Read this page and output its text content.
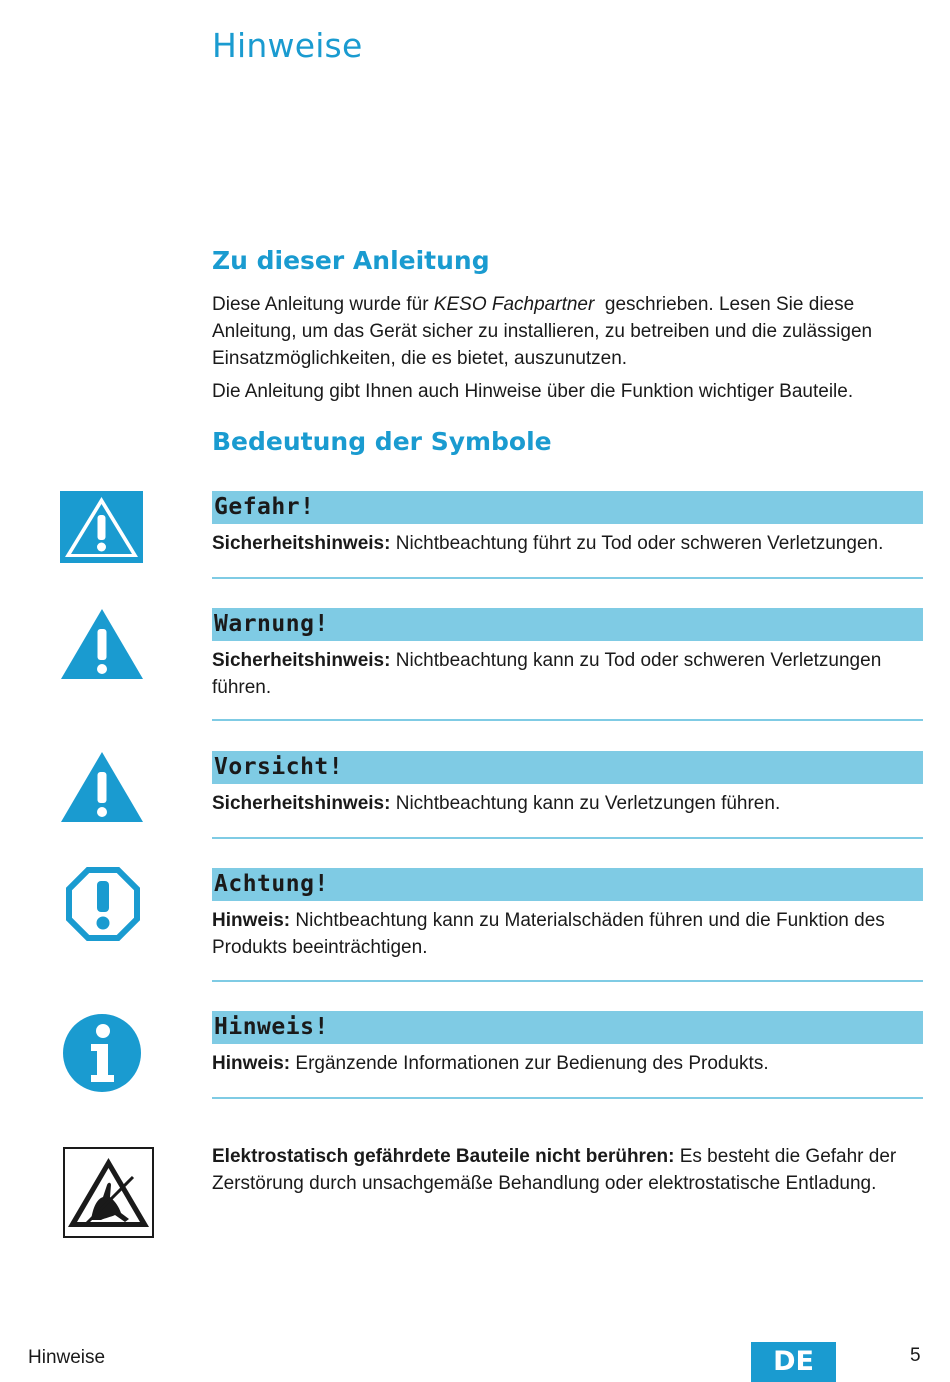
Hinweise
Zu dieser Anleitung

Diese Anleitung wurde für KESO Fachpartner  geschrieben. Lesen Sie diese Anleitung, um das Gerät sicher zu installieren, zu betreiben und die zulässigen Einsatzmöglichkeiten, die es bietet, auszunutzen.

Die Anleitung gibt Ihnen auch Hinweise über die Funktion wichtiger Bauteile.

Bedeutung der Symbole
Gefahr!

Sicherheitshinweis: Nichtbeachtung führt zu Tod oder schweren Verletzungen.

Warnung!

Sicherheitshinweis: Nichtbeachtung kann zu Tod oder schweren Verletzungen führen.

Vorsicht!

Sicherheitshinweis: Nichtbeachtung kann zu Verletzungen führen.

Achtung!

Hinweis: Nichtbeachtung kann zu Materialschäden führen und die Funktion des Produkts beeinträchtigen.

Hinweis!

Hinweis: Ergänzende Informationen zur Bedienung des Produkts.

Elektrostatisch gefährdete Bauteile nicht berühren: Es besteht die Gefahr der Zerstörung durch unsachgemäße Behandlung oder elektrostatische Entladung.

Hinweise	DE	5
